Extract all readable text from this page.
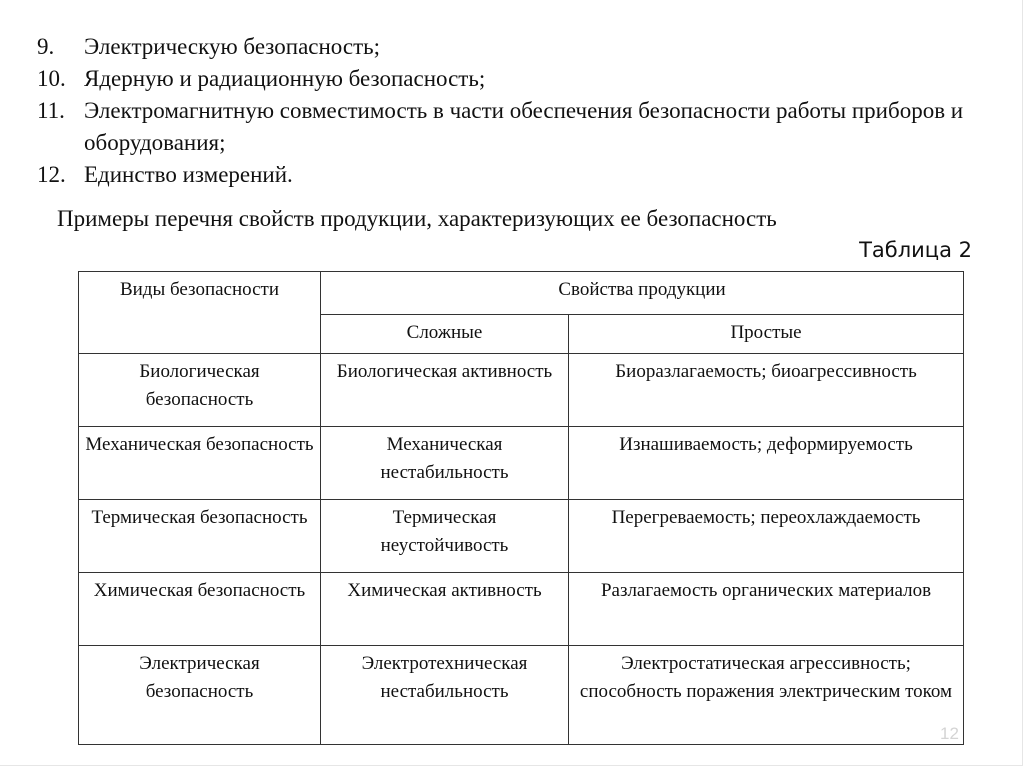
9.	Электрическую безопасность;
10. Ядерную и радиационную безопасность;
11. Электромагнитную совместимость в части обеспечения безопасности работы приборов и оборудования;
12. Единство измерений.
Примеры перечня свойств продукции, характеризующих ее безопасность
Таблица 2
Виды безопасности	Свойства продукции	
	Сложные	Простые
Биологическая безопасность	Биологическая активность	Биоразлагаемость; биоагрессивность
Механическая безопасность	Механическая нестабильность	Изнашиваемость; деформируемость
Термическая безопасность	Термическая неустойчивость	Перегреваемость; переохлаждаемость
Химическая безопасность	Химическая активность	Разлагаемость органических материалов
Электрическая безопасность	Электротехническая нестабильность	Электростатическая агрессивность; способность поражения электрическим током
12
